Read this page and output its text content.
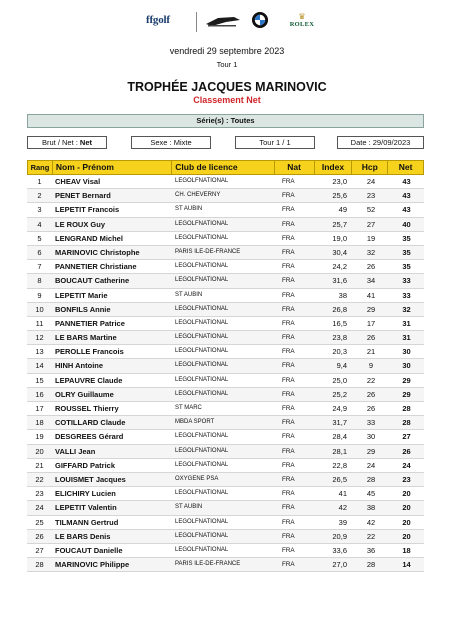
ffgolf	♛
ROLEX
vendredi 29 septembre 2023
Tour 1
TROPHÉE JACQUES MARINOVIC
Classement Net
Série(s) : Toutes
Brut / Net : Net	Sexe : Mixte	Tour 1 / 1	Date : 29/09/2023
Rang Nom - Prénom	Club de licence	Nat	Index	Hcp	Net
1	CHEAV Visal	LEGOLFNATIONAL	FRA	23,0	24	43
2	PENET Bernard	CH. CHEVERNY	FRA	25,6	23	43
3	LEPETIT Francois	ST AUBIN	FRA	49	52	43
4	LE ROUX Guy	LEGOLFNATIONAL	FRA	25,7	27	40
5	LENGRAND Michel	LEGOLFNATIONAL	FRA	19,0	19	35
6	MARINOVIC Christophe	PARIS ILE-DE-FRANCE	FRA	30,4	32	35
7	PANNETIER Christiane	LEGOLFNATIONAL	FRA	24,2	26	35
8	BOUCAUT Catherine	LEGOLFNATIONAL	FRA	31,6	34	33
9	LEPETIT Marie	ST AUBIN	FRA	38	41	33
10	BONFILS Annie	LEGOLFNATIONAL	FRA	26,8	29	32
11	PANNETIER Patrice	LEGOLFNATIONAL	FRA	16,5	17	31
12	LE BARS Martine	LEGOLFNATIONAL	FRA	23,8	26	31
13	PEROLLE Francois	LEGOLFNATIONAL	FRA	20,3	21	30
14	HINH Antoine	LEGOLFNATIONAL	FRA	9,4	9	30
15	LEPAUVRE Claude	LEGOLFNATIONAL	FRA	25,0	22	29
16	OLRY Guillaume	LEGOLFNATIONAL	FRA	25,2	26	29
17	ROUSSEL Thierry	ST MARC	FRA	24,9	26	28
18	COTILLARD Claude	MBDA SPORT	FRA	31,7	33	28
19	DESGREES Gérard	LEGOLFNATIONAL	FRA	28,4	30	27
20	VALLI Jean	LEGOLFNATIONAL	FRA	28,1	29	26
21	GIFFARD Patrick	LEGOLFNATIONAL	FRA	22,8	24	24
22	LOUISMET Jacques	OXYGENE PSA	FRA	26,5	28	23
23	ELICHIRY Lucien	LEGOLFNATIONAL	FRA	41	45	20
24	LEPETIT Valentin	ST AUBIN	FRA	42	38	20
25	TILMANN Gertrud	LEGOLFNATIONAL	FRA	39	42	20
26	LE BARS Denis	LEGOLFNATIONAL	FRA	20,9	22	20
27	FOUCAUT Danielle	LEGOLFNATIONAL	FRA	33,6	36	18
28	MARINOVIC Philippe	PARIS ILE-DE-FRANCE	FRA	27,0	28	14
